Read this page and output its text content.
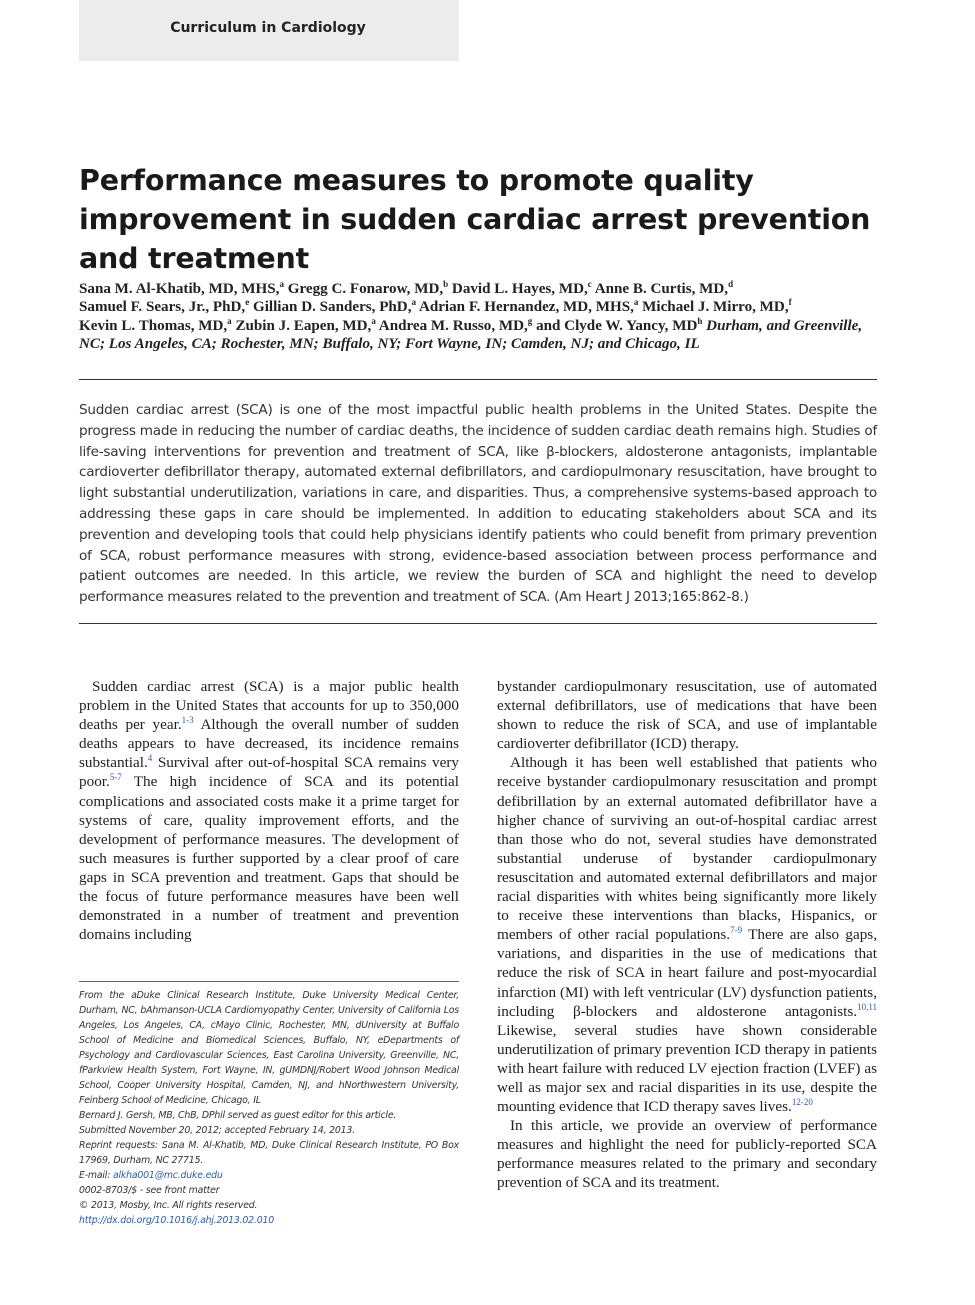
Curriculum in Cardiology
Performance measures to promote quality improvement in sudden cardiac arrest prevention and treatment
Sana M. Al-Khatib, MD, MHS,$^a$ Gregg C. Fonarow, MD,$^b$ David L. Hayes, MD,$^c$ Anne B. Curtis, MD,$^d$
Samuel F. Sears, Jr., PhD,$^e$ Gillian D. Sanders, PhD,$^a$ Adrian F. Hernandez, MD, MHS,$^a$ Michael J. Mirro, MD,$^f$
Kevin L. Thomas, MD,$^a$ Zubin J. Eapen, MD,$^a$ Andrea M. Russo, MD,$^g$ and Clyde W. Yancy, $MD^h$ Durham, and Greenville, NC; Los Angeles, CA; Rochester, MN; Buffalo, NY; Fort Wayne, IN; Camden, NJ; and Chicago, IL

Sudden cardiac arrest (SCA) is one of the most impactful public health problems in the United States. Despite the progress made in reducing the number of cardiac deaths, the incidence of sudden cardiac death remains high. Studies of life-saving interventions for prevention and treatment of SCA, like β-blockers, aldosterone antagonists, implantable cardioverter defibrillator therapy, automated external defibrillators, and cardiopulmonary resuscitation, have brought to light substantial underutilization, variations in care, and disparities. Thus, a comprehensive systems-based approach to addressing these gaps in care should be implemented. In addition to educating stakeholders about SCA and its prevention and developing tools that could help physicians identify patients who could benefit from primary prevention of SCA, robust performance measures with strong, evidence-based association between process performance and patient outcomes are needed. In this article, we review the burden of SCA and highlight the need to develop performance measures related to the prevention and treatment of SCA. (Am Heart J 2013;165:862-8.)

Sudden cardiac arrest (SCA) is a major public health problem in the United States that accounts for up to 350,000 deaths per year.$^{1-3}$ Although the overall number of sudden deaths appears to have decreased, its incidence remains substantial.$^4$ Survival after out-of-hospital SCA remains very poor.$^{5-7}$ The high incidence of SCA and its potential complications and associated costs make it a prime target for systems of care, quality improvement efforts, and the development of performance measures. The development of such measures is further supported by a clear proof of care gaps in SCA prevention and treatment. Gaps that should be the focus of future performance measures have been well demonstrated in a number of treatment and prevention domains including

From the aDuke Clinical Research Institute, Duke University Medical Center, Durham, NC, bAhmanson-UCLA Cardiomyopathy Center, University of California Los Angeles, Los Angeles, CA, cMayo Clinic, Rochester, MN, dUniversity at Buffalo School of Medicine and Biomedical Sciences, Buffalo, NY, eDepartments of Psychology and Cardiovascular Sciences, East Carolina University, Greenville, NC, fParkview Health System, Fort Wayne, IN, gUMDNJ/Robert Wood Johnson Medical School, Cooper University Hospital, Camden, NJ, and hNorthwestern University, Feinberg School of Medicine, Chicago, IL

Bernard J. Gersh, MB, ChB, DPhil served as guest editor for this article.

Submitted November 20, 2012; accepted February 14, 2013.

Reprint requests: Sana M. Al-Khatib, MD, Duke Clinical Research Institute, PO Box 17969, Durham, NC 27715.

E-mail: alkha001@mc.duke.edu

0002-8703/$ - see front matter

© 2013, Mosby, Inc. All rights reserved.

http://dx.doi.org/10.1016/j.ahj.2013.02.010

bystander cardiopulmonary resuscitation, use of automated external defibrillators, use of medications that have been shown to reduce the risk of SCA, and use of implantable cardioverter defibrillator (ICD) therapy.

Although it has been well established that patients who receive bystander cardiopulmonary resuscitation and prompt defibrillation by an external automated defibrillator have a higher chance of surviving an out-of-hospital cardiac arrest than those who do not, several studies have demonstrated substantial underuse of bystander cardiopulmonary resuscitation and automated external defibrillators and major racial disparities with whites being significantly more likely to receive these interventions than blacks, Hispanics, or members of other racial populations.$^{7-9}$ There are also gaps, variations, and disparities in the use of medications that reduce the risk of SCA in heart failure and post-myocardial infarction (MI) with left ventricular (LV) dysfunction patients, including β-blockers and aldosterone antagonists.$^{10,11}$ Likewise, several studies have shown considerable underutilization of primary prevention ICD therapy in patients with heart failure with reduced LV ejection fraction (LVEF) as well as major sex and racial disparities in its use, despite the mounting evidence that ICD therapy saves lives.$^{12-20}$

In this article, we provide an overview of performance measures and highlight the need for publicly-reported SCA performance measures related to the primary and secondary prevention of SCA and its treatment.
